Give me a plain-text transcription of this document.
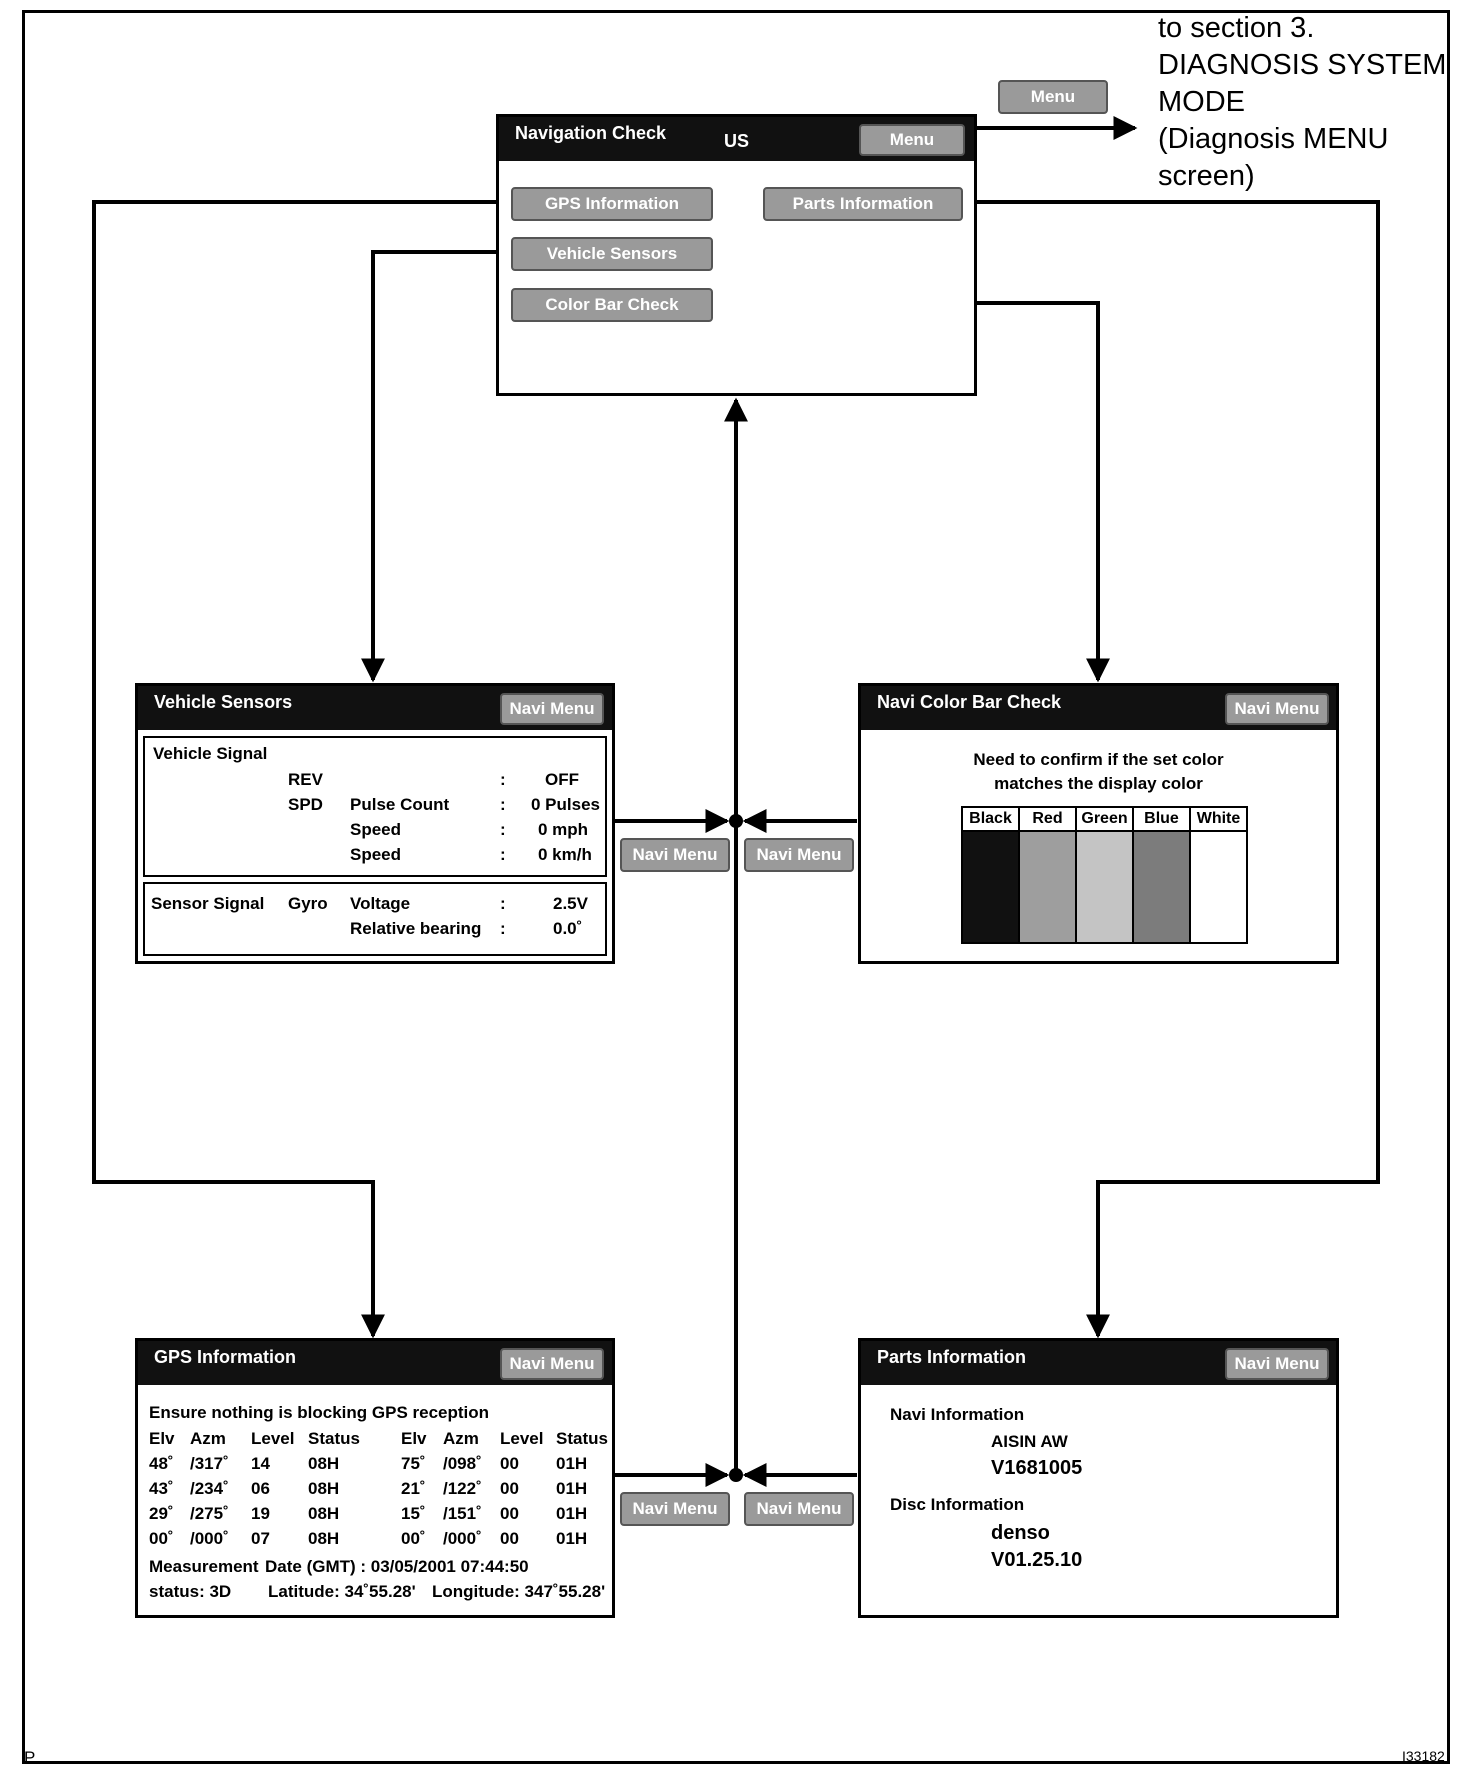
to section 3.
DIAGNOSIS SYSTEM
MODE
(Diagnosis MENU
screen)
Menu
Navigation Check	US	Menu
GPS Information
Vehicle Sensors
Color Bar Check
Parts Information
Vehicle Sensors	Navi Menu
Vehicle Signal
REV	: OFF
SPD Pulse Count	: 0 Pulses
Speed	: 0 mph
Speed	: 0 km/h
Sensor Signal Gyro Voltage	:	2.5V
Relative bearing :	0.0˚
Navi Color Bar Check	Navi Menu
Need to confirm if the set color
matches the display color
Black	Red	Green	Blue	White

Navi Menu	Navi Menu
GPS Information	Navi Menu
Ensure nothing is blocking GPS reception
Elv Azm Level Status Elv Azm Level Status
48˚ /317˚ 14 08H	75˚ /098˚ 00 01H
43˚ /234˚ 06 08H	21˚ /122˚ 00 01H
29˚ /275˚ 19 08H	15˚ /151˚ 00 01H
00˚ /000˚ 07 08H	00˚ /000˚ 00 01H
Measurement Date (GMT) : 03/05/2001 07:44:50
status: 3D Latitude: 34˚55.28' Longitude: 347˚55.28'
Parts Information	Navi Menu
Navi Information
AISIN AW
V1681005
Disc Information
denso
V01.25.10
Navi Menu	Navi Menu
P	I33182
